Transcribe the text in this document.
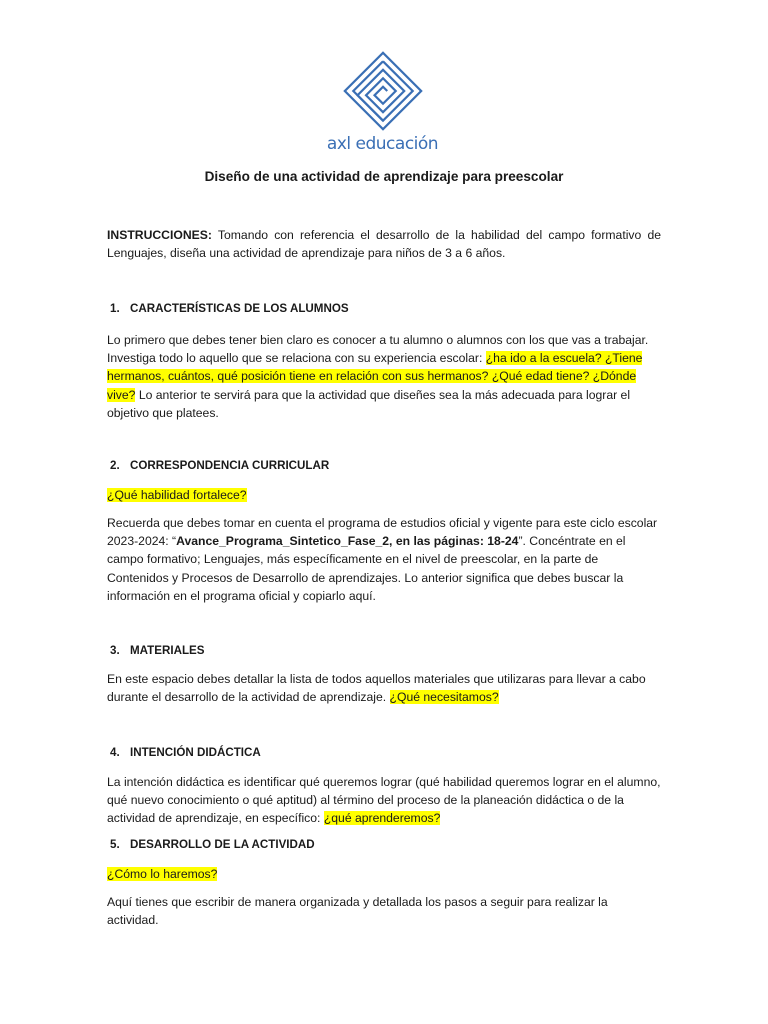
axl educación
Diseño de una actividad de aprendizaje para preescolar
INSTRUCCIONES: Tomando con referencia el desarrollo de la habilidad del campo formativo de Lenguajes, diseña una actividad de aprendizaje para niños de 3 a 6 años.
1. CARACTERÍSTICAS DE LOS ALUMNOS
Lo primero que debes tener bien claro es conocer a tu alumno o alumnos con los que vas a trabajar. Investiga todo lo aquello que se relaciona con su experiencia escolar: ¿ha ido a la escuela? ¿Tiene hermanos, cuántos, qué posición tiene en relación con sus hermanos? ¿Qué edad tiene? ¿Dónde vive? Lo anterior te servirá para que la actividad que diseñes sea la más adecuada para lograr el objetivo que platees.
2. CORRESPONDENCIA CURRICULAR
¿Qué habilidad fortalece?
Recuerda que debes tomar en cuenta el programa de estudios oficial y vigente para este ciclo escolar 2023-2024: “Avance_Programa_Sintetico_Fase_2, en las páginas: 18-24”. Concéntrate en el campo formativo; Lenguajes, más específicamente en el nivel de preescolar, en la parte de Contenidos y Procesos de Desarrollo de aprendizajes. Lo anterior significa que debes buscar la información en el programa oficial y copiarlo aquí.
3. MATERIALES
En este espacio debes detallar la lista de todos aquellos materiales que utilizaras para llevar a cabo durante el desarrollo de la actividad de aprendizaje. ¿Qué necesitamos?
4. INTENCIÓN DIDÁCTICA
La intención didáctica es identificar qué queremos lograr (qué habilidad queremos lograr en el alumno, qué nuevo conocimiento o qué aptitud) al término del proceso de la planeación didáctica o de la actividad de aprendizaje, en específico: ¿qué aprenderemos?
5. DESARROLLO DE LA ACTIVIDAD
¿Cómo lo haremos?
Aquí tienes que escribir de manera organizada y detallada los pasos a seguir para realizar la actividad.
